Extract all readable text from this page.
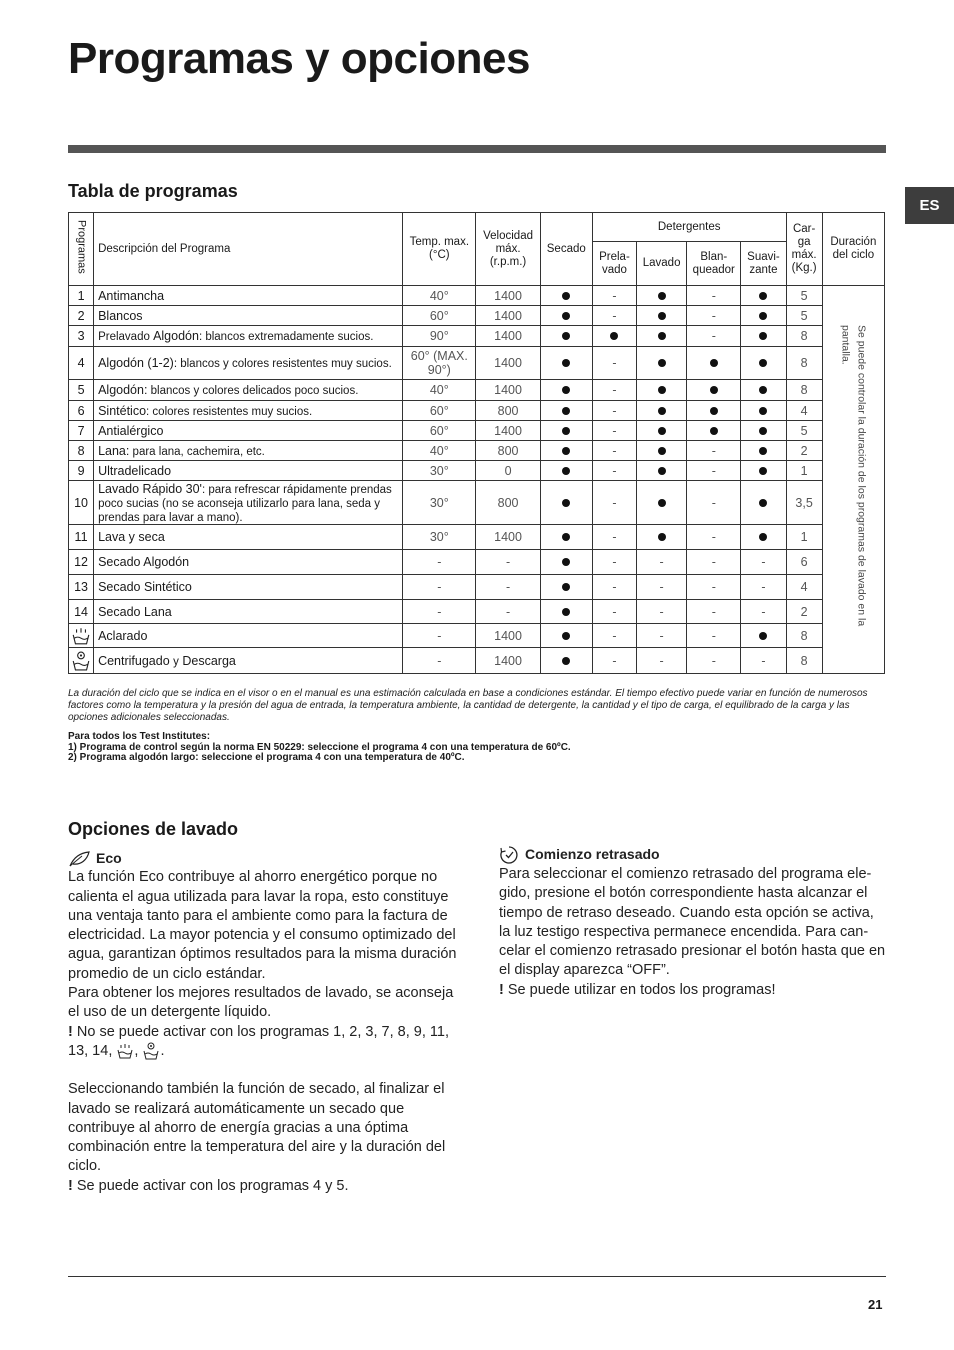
Programas y opciones
ES
Tabla de programas
Programas	Descripción del Programa	Temp. max. (°C)	Velocidad máx. (r.p.m.)	Secado	Detergentes				Car- ga máx. (Kg.)	Duración del ciclo
					Prela- vado	Lavado	Blan- queador	Suavi- zante		
1	Antimancha	40°	1400		-		-		5	Se puede controlar la duración de los programas de lavado en la pantalla.

2	Blancos	60°	1400		-		-		5	
3	Prelavado Algodón: blancos extremadamente sucios.	90°	1400				-		8	
4	Algodón (1-2): blancos y colores resistentes muy sucios.	60° (MAX. 90°)	1400		-				8	
5	Algodón: blancos y colores delicados poco sucios.	40°	1400		-				8	
6	Sintético: colores resistentes muy sucios.	60°	800		-				4	
7	Antialérgico	60°	1400		-				5	
8	Lana: para lana, cachemira, etc.	40°	800		-		-		2	
9	Ultradelicado	30°	0		-		-		1	
10	Lavado Rápido 30': para refrescar rápidamente prendas poco sucias (no se aconseja utilizarlo para lana, seda y prendas para lavar a mano).	30°	800		-		-		3,5	
11	Lava y seca	30°	1400		-		-		1	
12	Secado Algodón	-	-		-	-	-	-	6	
13	Secado Sintético	-	-		-	-	-	-	4	
14	Secado Lana	-	-		-	-	-	-	2	
	Aclarado	-	1400		-	-	-		8	
	Centrifugado y Descarga	-	1400		-	-	-	-	8	
La duración del ciclo que se indica en el visor o en el manual es una estimación calculada en base a condiciones estándar. El tiempo efectivo puede variar en función de numerosos factores como la temperatura y la presión del agua de entrada, la temperatura ambiente, la cantidad de detergente, la cantidad y el tipo de carga, el equilibrado de la carga y las opciones adicionales seleccionadas.
Para todos los Test Institutes:
1) Programa de control según la norma EN 50229: seleccione el programa 4 con una temperatura de 60ºC.
2) Programa algodón largo: seleccione el programa 4 con una temperatura de 40ºC.
Opciones de lavado
Eco

La función Eco contribuye al ahorro energético porque no calienta el agua utilizada para lavar la ropa, esto constituye una ventaja tanto para el ambiente como para la factura de electricidad. La mayor potencia y el consumo optimizado del agua, garantizan óptimos resultados para la misma duración promedio de un ciclo estándar.

Para obtener los mejores resultados de lavado, se aconseja el uso de un detergente líquido.

! No se puede activar con los programas 1, 2, 3, 7, 8, 9, 11, 13, 14, , .

Seleccionando también la función de secado, al finalizar el lavado se realizará automáticamente un secado que contribuye al ahorro de energía gracias a una óptima combinación entre la temperatura del aire y la duración del ciclo.

! Se puede activar con los programas 4 y 5.

Comienzo retrasado

Para seleccionar el comienzo retrasado del programa ele-gido, presione el botón correspondiente hasta alcanzar el tiempo de retraso deseado. Cuando esta opción se activa, la luz testigo respectiva permanece encendida. Para can-celar el comienzo retrasado presionar el botón hasta que en el display aparezca “OFF”.

! Se puede utilizar en todos los programas!

21
